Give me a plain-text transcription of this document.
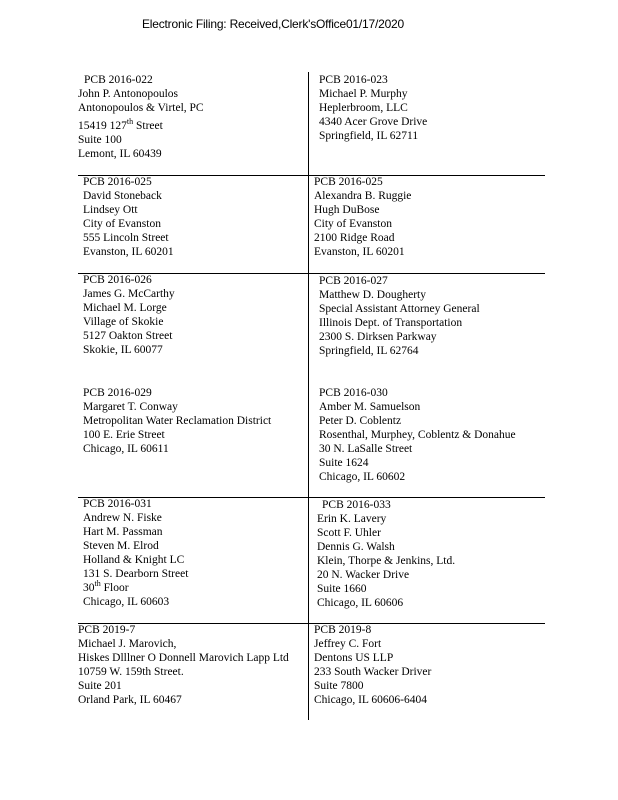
Electronic Filing: Received,Clerk'sOffice01/17/2020
PCB 2016-022
John P. Antonopoulos
Antonopoulos & Virtel, PC
15419 127th Street
Suite 100
Lemont, IL 60439
PCB 2016-023
Michael P. Murphy
Heplerbroom, LLC
4340 Acer Grove Drive
Springfield, IL 62711
PCB 2016-025
David Stoneback
Lindsey Ott
City of Evanston
555 Lincoln Street
Evanston, IL 60201
PCB 2016-025
Alexandra B. Ruggie
Hugh DuBose
City of Evanston
2100 Ridge Road
Evanston, IL 60201
PCB 2016-026
James G. McCarthy
Michael M. Lorge
Village of Skokie
5127 Oakton Street
Skokie, IL 60077
PCB 2016-027
Matthew D. Dougherty
Special Assistant Attorney General
Illinois Dept. of Transportation
2300 S. Dirksen Parkway
Springfield, IL 62764
PCB 2016-029
Margaret T. Conway
Metropolitan Water Reclamation District
100 E. Erie Street
Chicago, IL 60611
PCB 2016-030
Amber M. Samuelson
Peter D. Coblentz
Rosenthal, Murphey, Coblentz & Donahue
30 N. LaSalle Street
Suite 1624
Chicago, IL 60602
PCB 2016-031
Andrew N. Fiske
Hart M. Passman
Steven M. Elrod
Holland & Knight LC
131 S. Dearborn Street
30th Floor
Chicago, IL 60603
PCB 2016-033
Erin K. Lavery
Scott F. Uhler
Dennis G. Walsh
Klein, Thorpe & Jenkins, Ltd.
20 N. Wacker Drive
Suite 1660
Chicago, IL 60606
PCB 2019-7
Michael J. Marovich,
Hiskes Dlllner O Donnell Marovich Lapp Ltd
10759 W. 159th Street.
Suite 201
Orland Park, IL 60467
PCB 2019-8
Jeffrey C. Fort
Dentons US LLP
233 South Wacker Driver
Suite 7800
Chicago, IL 60606-6404
